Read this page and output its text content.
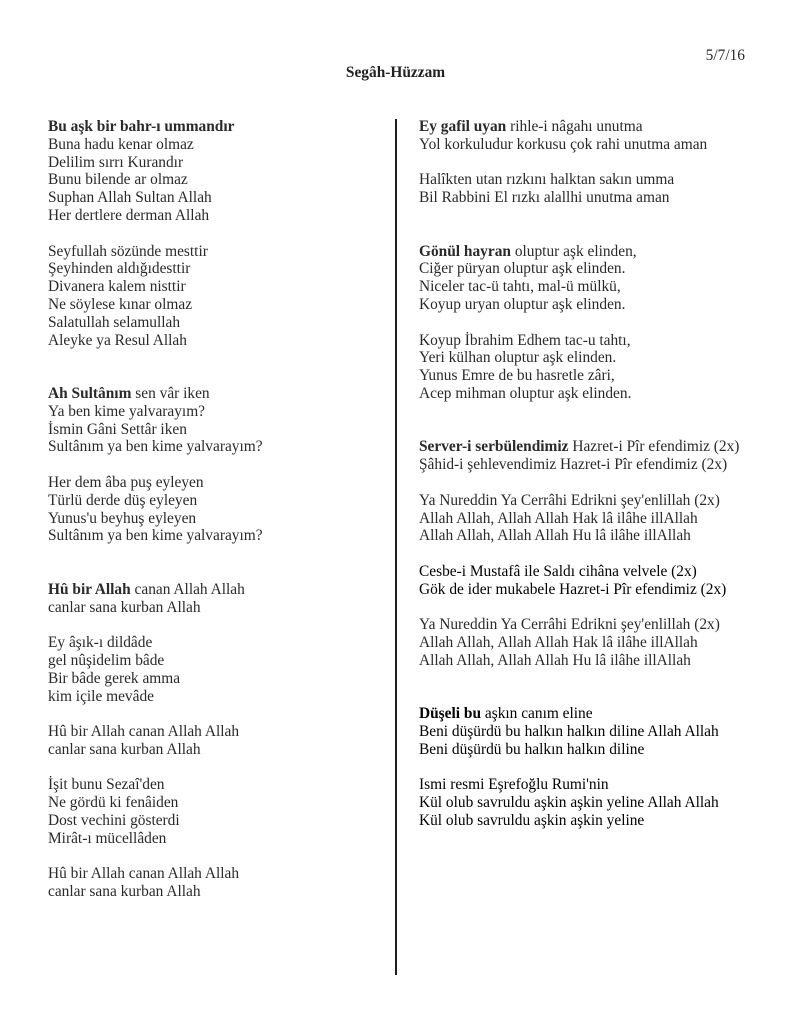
5/7/16
Segâh-Hüzzam
Bu aşk bir bahr-ı ummandır
Buna hadu kenar olmaz
Delilim sırrı Kurandır
Bunu bilende ar olmaz
Suphan Allah Sultan Allah
Her dertlere derman Allah
Seyfullah sözünde mesttir
Şeyhinden aldığıdesttir
Divanera kalem nisttir
Ne söylese kınar olmaz
Salatullah selamullah
Aleyke ya Resul Allah
Ah Sultânım sen vâr iken
Ya ben kime yalvarayım?
İsmin Gâni Settâr iken
Sultânım ya ben kime yalvarayım?
Her dem âba puş eyleyen
Türlü derde düş eyleyen
Yunus'u beyhuş eyleyen
Sultânım ya ben kime yalvarayım?
Hû bir Allah canan Allah Allah
canlar sana kurban Allah
Ey âşık-ı dildâde
gel nûşidelim bâde
Bir bâde gerek amma
kim içile mevâde
Hû bir Allah canan Allah Allah
canlar sana kurban Allah
İşit bunu Sezaî'den
Ne gördü ki fenâiden
Dost vechini gösterdi
Mirât-ı mücellâden
Hû bir Allah canan Allah Allah
canlar sana kurban Allah
Ey gafil uyan rihle-i nâgahı unutma
Yol korkuludur korkusu çok rahi unutma aman
Halîkten utan rızkını halktan sakın umma
Bil Rabbini El rızkı alallhi unutma aman
Gönül hayran oluptur aşk elinden,
Ciğer püryan oluptur aşk elinden.
Niceler tac-ü tahtı, mal-ü mülkü,
Koyup uryan oluptur aşk elinden.
Koyup İbrahim Edhem tac-u tahtı,
Yeri külhan oluptur aşk elinden.
Yunus Emre de bu hasretle zâri,
Acep mihman oluptur aşk elinden.
Server-i serbülendimiz Hazret-i Pîr efendimiz (2x)
Şâhid-i şehlevendimiz Hazret-i Pîr efendimiz (2x)
Ya Nureddin Ya Cerrâhi Edrikni şey'enlillah (2x)
Allah Allah, Allah Allah Hak lâ ilâhe illAllah
Allah Allah, Allah Allah Hu lâ ilâhe illAllah
Cesbe-i Mustafâ ile Saldı cihâna velvele (2x)
Gök de ider mukabele Hazret-i Pîr efendimiz (2x)
Ya Nureddin Ya Cerrâhi Edrikni şey'enlillah (2x)
Allah Allah, Allah Allah Hak lâ ilâhe illAllah
Allah Allah, Allah Allah Hu lâ ilâhe illAllah
Düşeli bu aşkın canım eline
Beni düşürdü bu halkın halkın diline Allah Allah
Beni düşürdü bu halkın halkın diline
Ismi resmi Eşrefoğlu Rumi'nin
Kül olub savruldu aşkin aşkin yeline Allah Allah
Kül olub savruldu aşkin aşkin yeline
